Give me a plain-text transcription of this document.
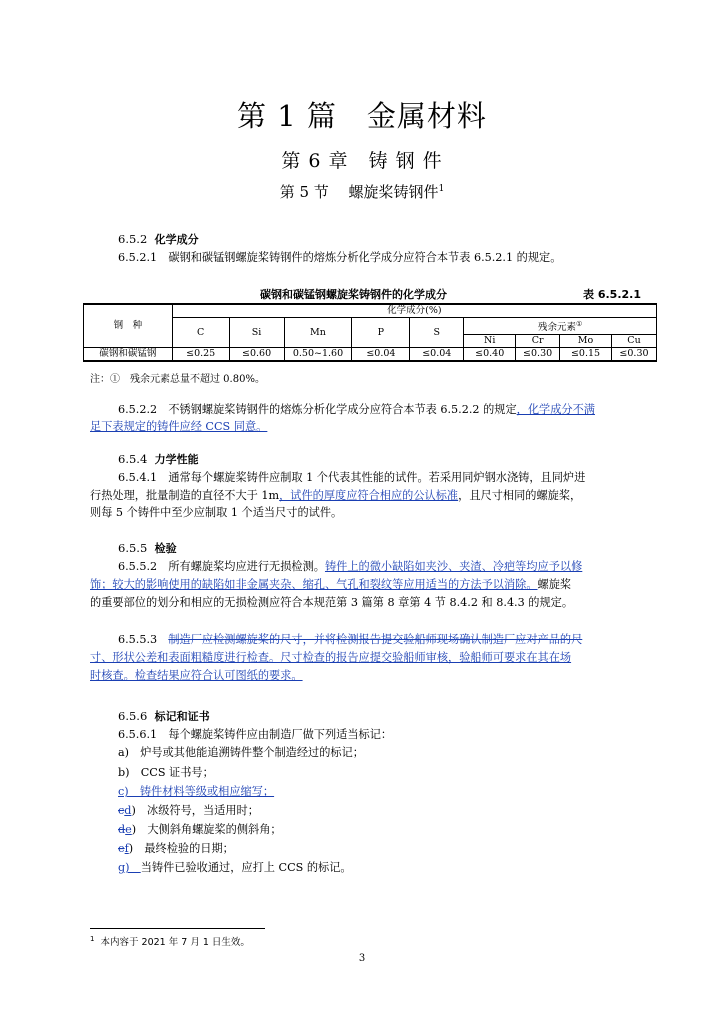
第 1 篇　金属材料
第 6 章　铸 钢 件
第 5 节　 螺旋桨铸钢件$^1$
6.5.2 化学成分
6.5.2.1　碳钢和碳锰钢螺旋桨铸钢件的熔炼分析化学成分应符合本节表 6.5.2.1 的规定。
碳钢和碳锰钢螺旋桨铸钢件的化学成分	表 6.5.2.1
钢　种	化学成分(%)								
	C	Si	Mn	P	S	残余元素①
						Ni	Cr	Mo	Cu
碳钢和碳锰钢	≤0.25	≤0.60	0.50~1.60	≤0.04	≤0.04	≤0.40	≤0.30	≤0.15	≤0.30
注：①　残余元素总量不超过 0.80%。
6.5.2.2　不锈钢螺旋桨铸钢件的熔炼分析化学成分应符合本节表 6.5.2.2 的规定，化学成分不满
足下表规定的铸件应经 CCS 同意。
6.5.4 力学性能
6.5.4.1　通常每个螺旋桨铸件应制取 1 个代表其性能的试件。若采用同炉钢水浇铸，且同炉进
行热处理，批量制造的直径不大于 1m，试件的厚度应符合相应的公认标准，且尺寸相同的螺旋桨，
则每 5 个铸件中至少应制取 1 个适当尺寸的试件。
6.5.5 检验
6.5.5.2　所有螺旋桨均应进行无损检测。铸件上的微小缺陷如夹沙、夹渣、冷疤等均应予以修
饰；较大的影响使用的缺陷如非金属夹杂、缩孔、气孔和裂纹等应用适当的方法予以消除。螺旋桨
的重要部位的划分和相应的无损检测应符合本规范第 3 篇第 8 章第 4 节 8.4.2 和 8.4.3 的规定。
6.5.5.3　制造厂应检测螺旋桨的尺寸，并将检测报告提交验船师现场确认制造厂应对产品的尺
寸、形状公差和表面粗糙度进行检查。尺寸检查的报告应提交验船师审核，验船师可要求在其在场
时核查。检查结果应符合认可图纸的要求。
6.5.6 标记和证书
6.5.6.1　每个螺旋桨铸件应由制造厂做下列适当标记：
a)　炉号或其他能追溯铸件整个制造经过的标记；
b)　CCS 证书号；
c)　铸件材料等级或相应缩写；
cd)　冰级符号，当适用时；
de)　大侧斜角螺旋桨的侧斜角；
ef)　最终检验的日期；
g)　当铸件已验收通过，应打上 CCS 的标记。
$^1$ 本内容于 2021 年 7 月 1 日生效。
3
